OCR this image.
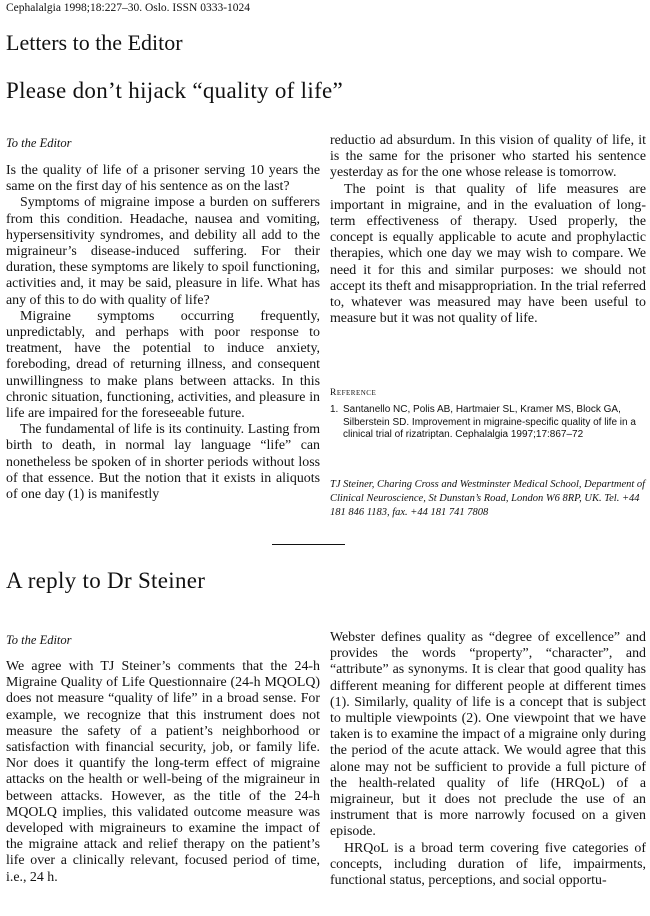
Cephalalgia 1998;18:227–30. Oslo. ISSN 0333-1024
Letters to the Editor
Please don’t hijack “quality of life”
To the Editor

Is the quality of life of a prisoner serving 10 years the same on the first day of his sentence as on the last?

Symptoms of migraine impose a burden on sufferers from this condition. Headache, nausea and vomiting, hypersensitivity syndromes, and debility all add to the migraineur’s disease-induced suffering. For their duration, these symptoms are likely to spoil functioning, activities and, it may be said, pleasure in life. What has any of this to do with quality of life?

Migraine symptoms occurring frequently, unpredictably, and perhaps with poor response to treatment, have the potential to induce anxiety, foreboding, dread of returning illness, and consequent unwillingness to make plans between attacks. In this chronic situation, functioning, activities, and pleasure in life are impaired for the foreseeable future.

The fundamental of life is its continuity. Lasting from birth to death, in normal lay language “life” can nonetheless be spoken of in shorter periods without loss of that essence. But the notion that it exists in aliquots of one day (1) is manifestly

reductio ad absurdum. In this vision of quality of life, it is the same for the prisoner who started his sentence yesterday as for the one whose release is tomorrow.

The point is that quality of life measures are important in migraine, and in the evaluation of long-term effectiveness of therapy. Used properly, the concept is equally applicable to acute and prophylactic therapies, which one day we may wish to compare. We need it for this and similar purposes: we should not accept its theft and misappropriation. In the trial referred to, whatever was measured may have been useful to measure but it was not quality of life.

Reference
1. Santanello NC, Polis AB, Hartmaier SL, Kramer MS, Block GA, Silberstein SD. Improvement in migraine-specific quality of life in a clinical trial of rizatriptan. Cephalalgia 1997;17:867–72
TJ Steiner, Charing Cross and Westminster Medical School, Department of Clinical Neuroscience, St Dunstan’s Road, London W6 8RP, UK. Tel. +44 181 846 1183, fax. +44 181 741 7808
A reply to Dr Steiner
To the Editor

We agree with TJ Steiner’s comments that the 24-h Migraine Quality of Life Questionnaire (24-h MQOLQ) does not measure “quality of life” in a broad sense. For example, we recognize that this instrument does not measure the safety of a patient’s neighborhood or satisfaction with financial security, job, or family life. Nor does it quantify the long-term effect of migraine attacks on the health or well-being of the migraineur in between attacks. However, as the title of the 24-h MQOLQ implies, this validated outcome measure was developed with migraineurs to examine the impact of the migraine attack and relief therapy on the patient’s life over a clinically relevant, focused period of time, i.e., 24 h.

Webster defines quality as “degree of excellence” and provides the words “property”, “character”, and “attribute” as synonyms. It is clear that good quality has different meaning for different people at different times (1). Similarly, quality of life is a concept that is subject to multiple viewpoints (2). One viewpoint that we have taken is to examine the impact of a migraine only during the period of the acute attack. We would agree that this alone may not be sufficient to provide a full picture of the health-related quality of life (HRQoL) of a migraineur, but it does not preclude the use of an instrument that is more narrowly focused on a given episode.

HRQoL is a broad term covering five categories of concepts, including duration of life, impairments, functional status, perceptions, and social opportu-
